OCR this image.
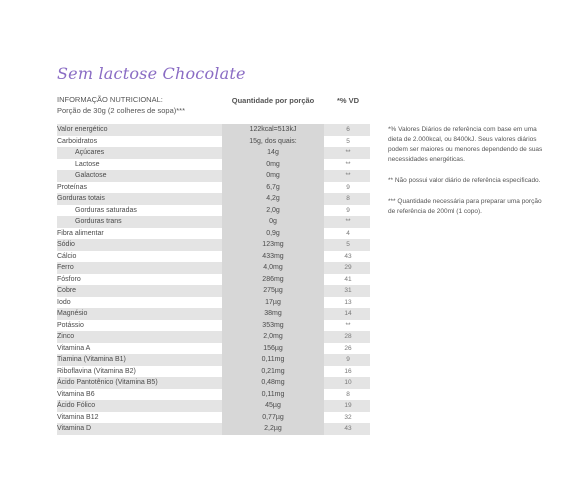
Sem lactose Chocolate
INFORMAÇÃO NUTRICIONAL:
Porção de 30g (2 colheres de sopa)***
Quantidade por porção	*% VD
Valor energético	122kcal=513kJ	6
Carboidratos	15g, dos quais:	5
Açúcares	14g	**
Lactose	0mg	**
Galactose	0mg	**
Proteínas	6,7g	9
Gorduras totais	4,2g	8
Gorduras saturadas	2,0g	9
Gorduras trans	0g	**
Fibra alimentar	0,9g	4
Sódio	123mg	5
Cálcio	433mg	43
Ferro	4,0mg	29
Fósforo	286mg	41
Cobre	275µg	31
Iodo	17µg	13
Magnésio	38mg	14
Potássio	353mg	**
Zinco	2,0mg	28
Vitamina A	156µg	26
Tiamina (Vitamina B1)	0,11mg	9
Riboflavina (Vitamina B2)	0,21mg	16
Ácido Pantotênico (Vitamina B5)	0,48mg	10
Vitamina B6	0,11mg	8
Ácido Fólico	45µg	19
Vitamina B12	0,77µg	32
Vitamina D	2,2µg	43

*% Valores Diários de referência com base em uma dieta de 2.000kcal, ou 8400kJ. Seus valores diários podem ser maiores ou menores dependendo de suas necessidades energéticas.

** Não possui valor diário de referência especificado.

*** Quantidade necessária para preparar uma porção de referência de 200ml (1 copo).
